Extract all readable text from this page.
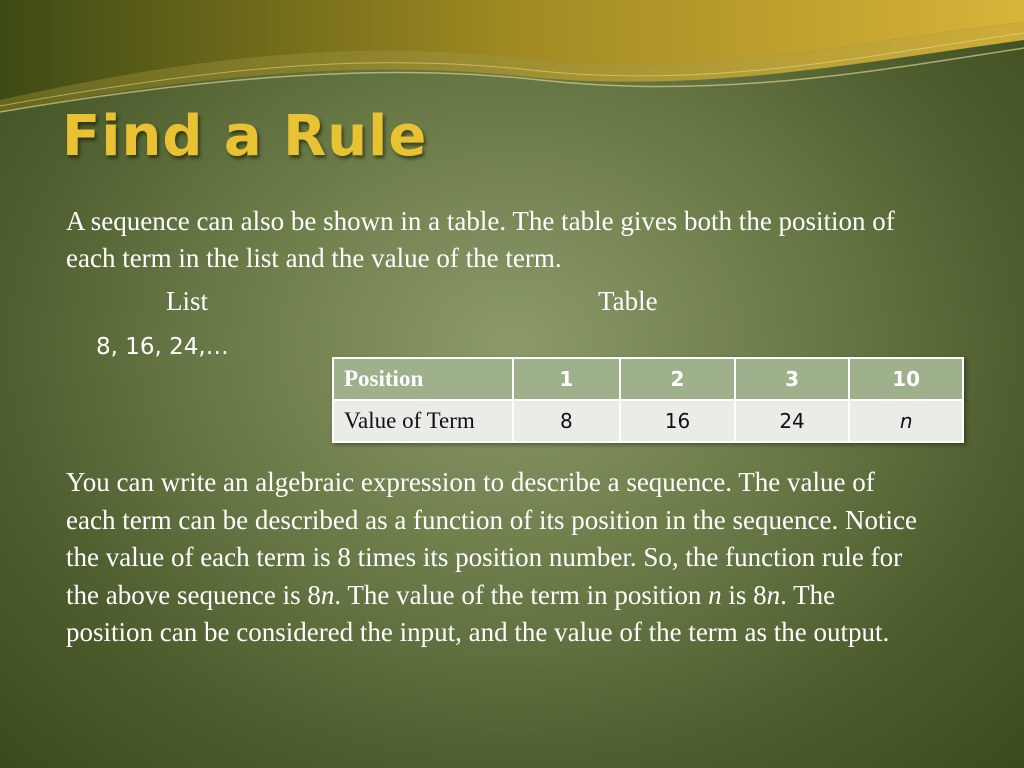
Find a Rule

A sequence can also be shown in a table. The table gives both the position of each term in the list and the value of the term.

List	Table
8, 16, 24,…
Position	1	2	3	10
Value of Term	8	16	24	n

You can write an algebraic expression to describe a sequence. The value of each term can be described as a function of its position in the sequence. Notice the value of each term is 8 times its position number. So, the function rule for the above sequence is 8n. The value of the term in position n is 8n. The position can be considered the input, and the value of the term as the output.
